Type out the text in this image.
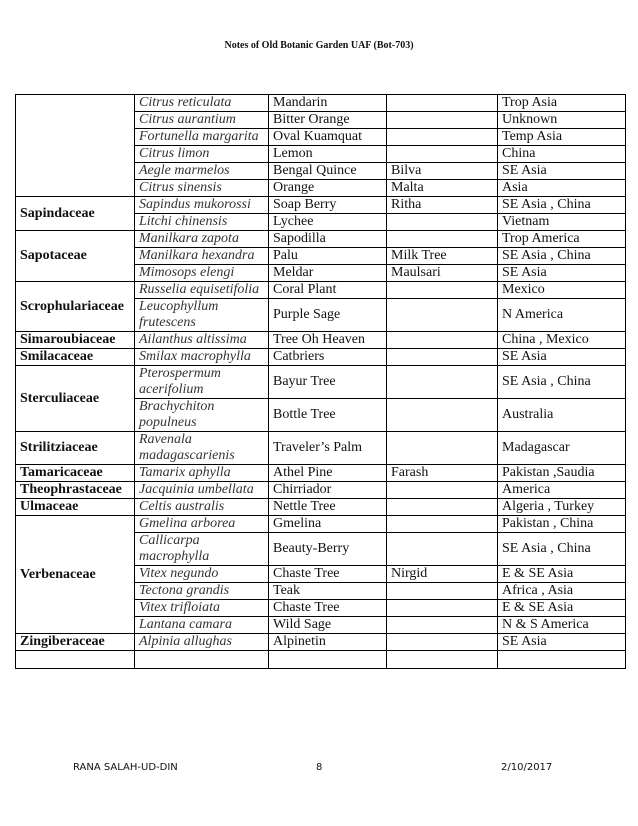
Notes of Old Botanic Garden UAF (Bot-703)
	Citrus reticulata	Mandarin		Trop Asia
	Citrus aurantium	Bitter Orange		Unknown
	Fortunella margarita	Oval Kuamquat		Temp Asia
	Citrus limon	Lemon		China
	Aegle marmelos	Bengal Quince	Bilva	SE Asia
	Citrus sinensis	Orange	Malta	Asia
Sapindaceae	Sapindus mukorossi	Soap Berry	Ritha	SE Asia , China
	Litchi chinensis	Lychee		Vietnam
Sapotaceae	Manilkara zapota	Sapodilla		Trop America
	Manilkara hexandra	Palu	Milk Tree	SE Asia , China
	Mimosops elengi	Meldar	Maulsari	SE Asia
Scrophulariaceae	Russelia equisetifolia	Coral Plant		Mexico
	Leucophyllum frutescens	Purple Sage		N America
Simaroubiaceae	Ailanthus altissima	Tree Oh Heaven		China , Mexico
Smilacaceae	Smilax macrophylla	Catbriers		SE Asia
Sterculiaceae	Pterospermum acerifolium	Bayur Tree		SE Asia , China
	Brachychiton populneus	Bottle Tree		Australia
Strilitziaceae	Ravenala madagascarienis	Traveler’s Palm		Madagascar
Tamaricaceae	Tamarix aphylla	Athel Pine	Farash	Pakistan ,Saudia
Theophrastaceae	Jacquinia umbellata	Chirriador		America
Ulmaceae	Celtis australis	Nettle Tree		Algeria , Turkey
Verbenaceae	Gmelina arborea	Gmelina		Pakistan , China
	Callicarpa macrophylla	Beauty-Berry		SE Asia , China
	Vitex negundo	Chaste Tree	Nirgid	E & SE Asia
	Tectona grandis	Teak		Africa , Asia
	Vitex trifloiata	Chaste Tree		E & SE Asia
	Lantana camara	Wild Sage		N & S America
Zingiberaceae	Alpinia allughas	Alpinetin		SE Asia

RANA SALAH-UD-DIN	8	2/10/2017
